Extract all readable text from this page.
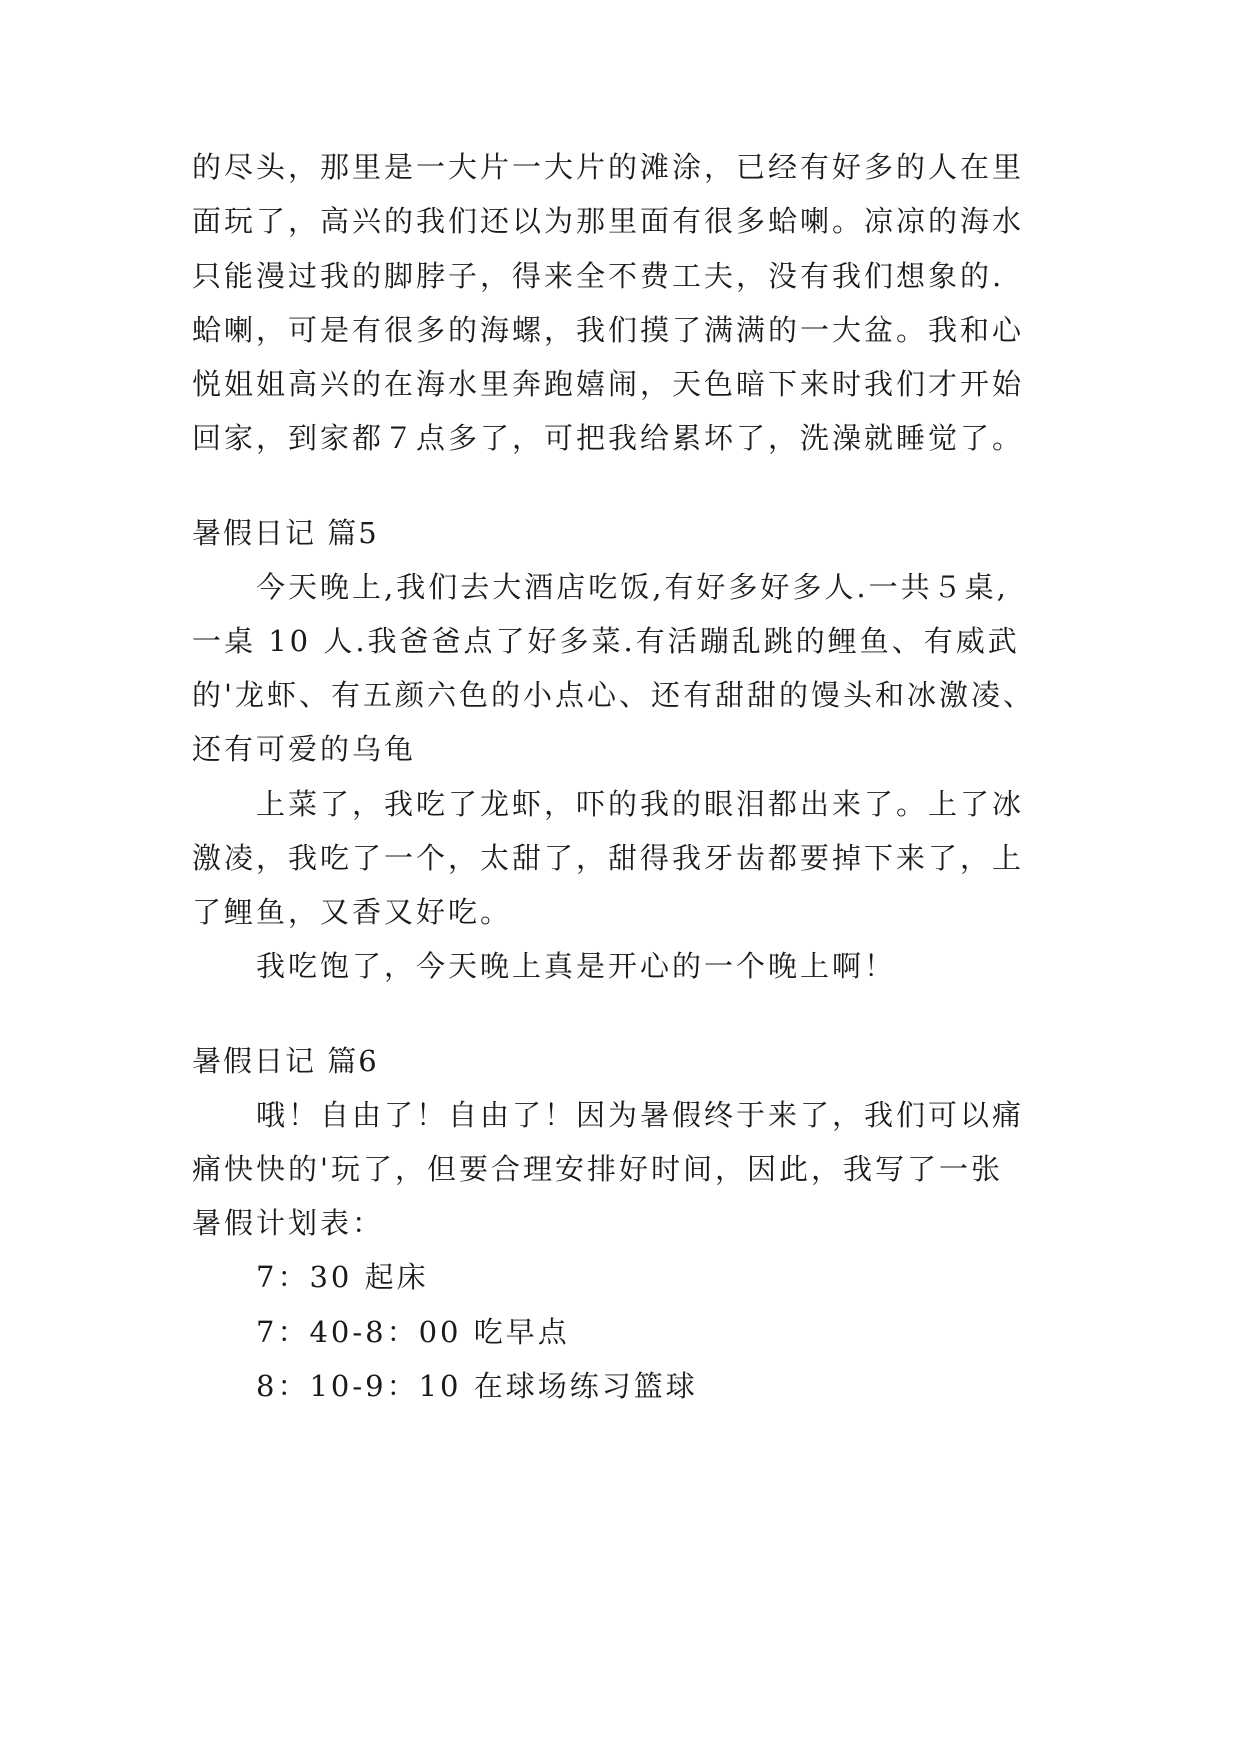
的尽头，那里是一大片一大片的滩涂，已经有好多的人在里
面玩了，高兴的我们还以为那里面有很多蛤喇。凉凉的海水
只能漫过我的脚脖子，得来全不费工夫，没有我们想象的.
蛤喇，可是有很多的海螺，我们摸了满满的一大盆。我和心
悦姐姐高兴的在海水里奔跑嬉闹，天色暗下来时我们才开始
回家，到家都７点多了，可把我给累坏了，洗澡就睡觉了。
暑假日记 篇5
今天晚上,我们去大酒店吃饭,有好多好多人.一共５桌,
一桌 10 人.我爸爸点了好多菜.有活蹦乱跳的鲤鱼、有威武
的'龙虾、有五颜六色的小点心、还有甜甜的馒头和冰激凌、
还有可爱的乌龟
上菜了，我吃了龙虾，吓的我的眼泪都出来了。上了冰
激凌，我吃了一个，太甜了，甜得我牙齿都要掉下来了，上
了鲤鱼，又香又好吃。
我吃饱了，今天晚上真是开心的一个晚上啊！
暑假日记 篇6
哦！自由了！自由了！因为暑假终于来了，我们可以痛
痛快快的'玩了，但要合理安排好时间，因此，我写了一张
暑假计划表：
7：30 起床
7：40-8：00 吃早点
8：10-9：10 在球场练习篮球
